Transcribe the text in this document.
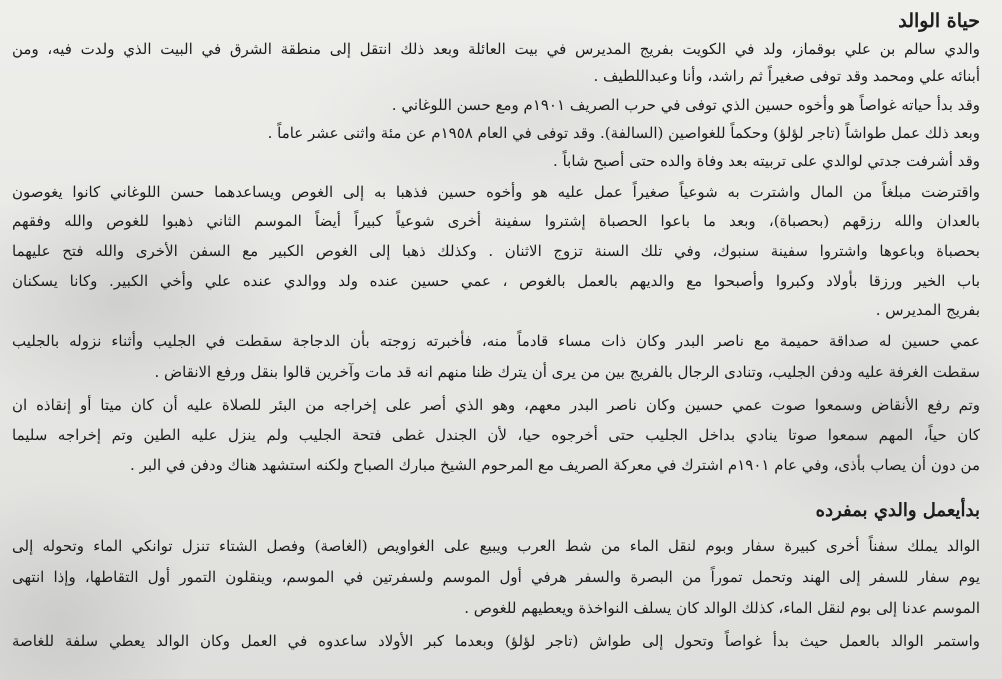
حياة الوالد

والدي سالم بن علي بوقماز، ولد في الكويت بفريج المديرس في بيت العائلة وبعد ذلك انتقل إلى منطقة الشرق في البيت الذي ولدت فيه، ومن

أبنائه علي ومحمد وقد توفى صغيراً ثم راشد، وأنا وعبداللطيف .

وقد بدأ حياته غواصاً هو وأخوه حسين الذي توفى في حرب الصريف ١٩٠١م ومع حسن اللوغاني .

وبعد ذلك عمل طواشاً (تاجر لؤلؤ) وحكماً للغواصين (السالفة). وقد توفى في العام ١٩٥٨م عن مئة واثنى عشر عاماً .

وقد أشرفت جدتي لوالدي على تربيته بعد وفاة والده حتى أصبح شاباً .

واقترضت مبلغاً من المال واشترت به شوعياً صغيراً عمل عليه هو وأخوه حسين فذهبا به إلى الغوص ويساعدهما حسن اللوغاني كانوا يغوصون

بالعدان والله رزقهم (بحصباة)، وبعد ما باعوا الحصباة إشتروا سفينة أخرى شوعياً كبيراً أيضاً الموسم الثاني ذهبوا للغوص والله وفقهم

بحصباة وباعوها واشتروا سفينة سنبوك، وفي تلك السنة تزوج الاثنان . وكذلك ذهبا إلى الغوص الكبير مع السفن الأخرى والله فتح عليهما

باب الخير ورزقا بأولاد وكبروا وأصبحوا مع والديهم بالعمل بالغوص ، عمي حسين عنده ولد ووالدي عنده علي وأخي الكبير. وكانا يسكنان

بفريج المديرس .

عمي حسين له صداقة حميمة مع ناصر البدر وكان ذات مساء قادماً منه، فأخبرته زوجته بأن الدجاجة سقطت في الجليب وأثناء نزوله بالجليب

سقطت الغرفة عليه ودفن الجليب، وتنادى الرجال بالفريج بين من يرى أن يترك ظنا منهم انه قد مات وآخرين قالوا بنقل ورفع الانقاض .

وتم رفع الأنقاض وسمعوا صوت عمي حسين وكان ناصر البدر معهم، وهو الذي أصر على إخراجه من البئر للصلاة عليه أن كان ميتا أو إنقاذه ان

كان حياً، المهم سمعوا صوتا ينادي بداخل الجليب حتى أخرجوه حيا، لأن الجندل غطى فتحة الجليب ولم ينزل عليه الطين وتم إخراجه سليما

من دون أن يصاب بأذى، وفي عام ١٩٠١م اشترك في معركة الصريف مع المرحوم الشيخ مبارك الصباح ولكنه استشهد هناك ودفن في البر .

بدأيعمل والدي بمفرده

الوالد يملك سفناً أخرى كبيرة سفار وبوم لنقل الماء من شط العرب ويبيع على الغواويص (الغاصة) وفصل الشتاء تنزل توانكي الماء وتحوله إلى

يوم سفار للسفر إلى الهند وتحمل تموراً من البصرة والسفر هرفي أول الموسم ولسفرتين في الموسم، وينقلون التمور أول التقاطها، وإذا انتهى

الموسم عدنا إلى بوم لنقل الماء، كذلك الوالد كان يسلف النواخذة ويعطيهم للغوص .

واستمر الوالد بالعمل حيث بدأ غواصاً وتحول إلى طواش (تاجر لؤلؤ) وبعدما كبر الأولاد ساعدوه في العمل وكان الوالد يعطي سلفة للغاصة
